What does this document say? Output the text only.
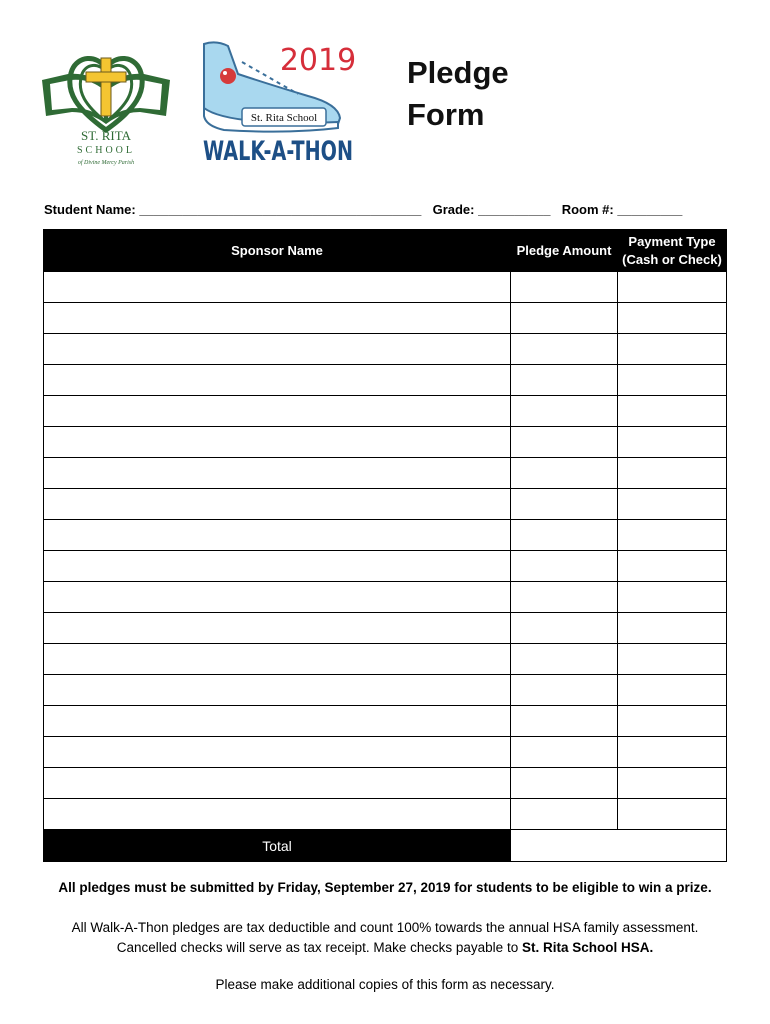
ST. RITA
SCHOOL
of Divine Mercy Parish
2019
St. Rita School
WALK-A-THON
Pledge
Form
Student Name: _______________________________________ Grade: __________ Room #: _________
Sponsor Name	Pledge Amount	Payment Type
(Cash or Check)

Total		
All pledges must be submitted by Friday, September 27, 2019 for students to be eligible to win a prize.
All Walk-A-Thon pledges are tax deductible and count 100% towards the annual HSA family assessment.
Cancelled checks will serve as tax receipt. Make checks payable to St. Rita School HSA.
Please make additional copies of this form as necessary.
